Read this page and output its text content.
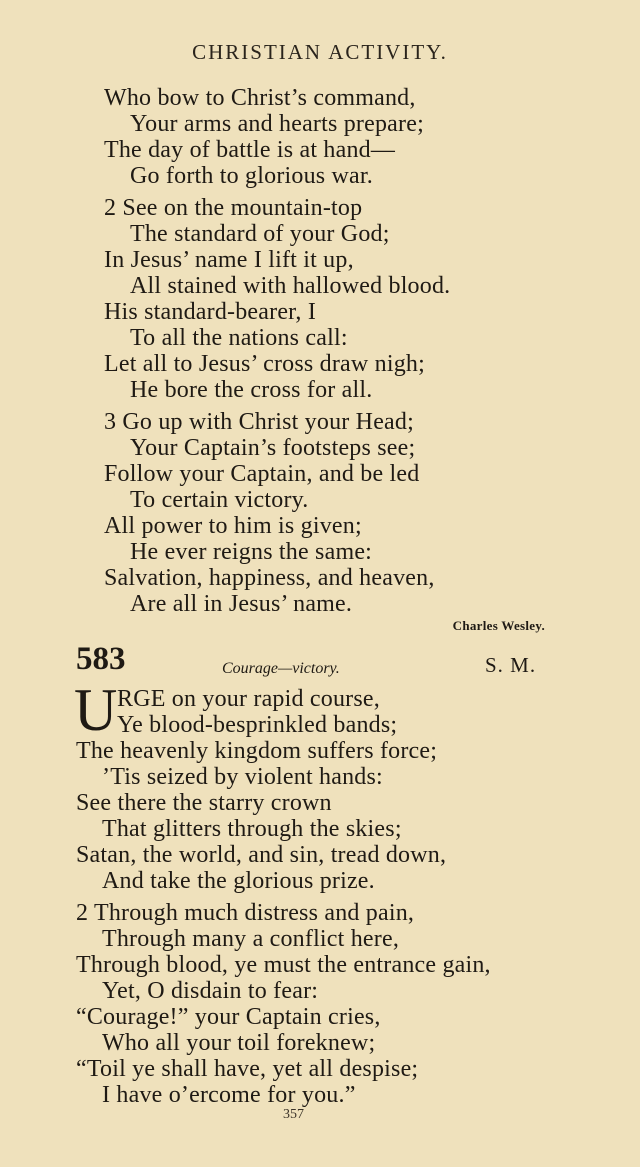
CHRISTIAN ACTIVITY.
Who bow to Christ’s command,
Your arms and hearts prepare;
The day of battle is at hand—
Go forth to glorious war.
2 See on the mountain-top
The standard of your God;
In Jesus’ name I lift it up,
All stained with hallowed blood.
His standard-bearer, I
To all the nations call:
Let all to Jesus’ cross draw nigh;
He bore the cross for all.
3 Go up with Christ your Head;
Your Captain’s footsteps see;
Follow your Captain, and be led
To certain victory.
All power to him is given;
He ever reigns the same:
Salvation, happiness, and heaven,
Are all in Jesus’ name.
Charles Wesley.
583	Courage—victory.	S. M.
U RGE on your rapid course,
Ye blood-besprinkled bands;
The heavenly kingdom suffers force;
’Tis seized by violent hands:
See there the starry crown
That glitters through the skies;
Satan, the world, and sin, tread down,
And take the glorious prize.
2 Through much distress and pain,
Through many a conflict here,
Through blood, ye must the entrance gain,
Yet, O disdain to fear:
“Courage!” your Captain cries,
Who all your toil foreknew;
“Toil ye shall have, yet all despise;
I have o’ercome for you.”
357
